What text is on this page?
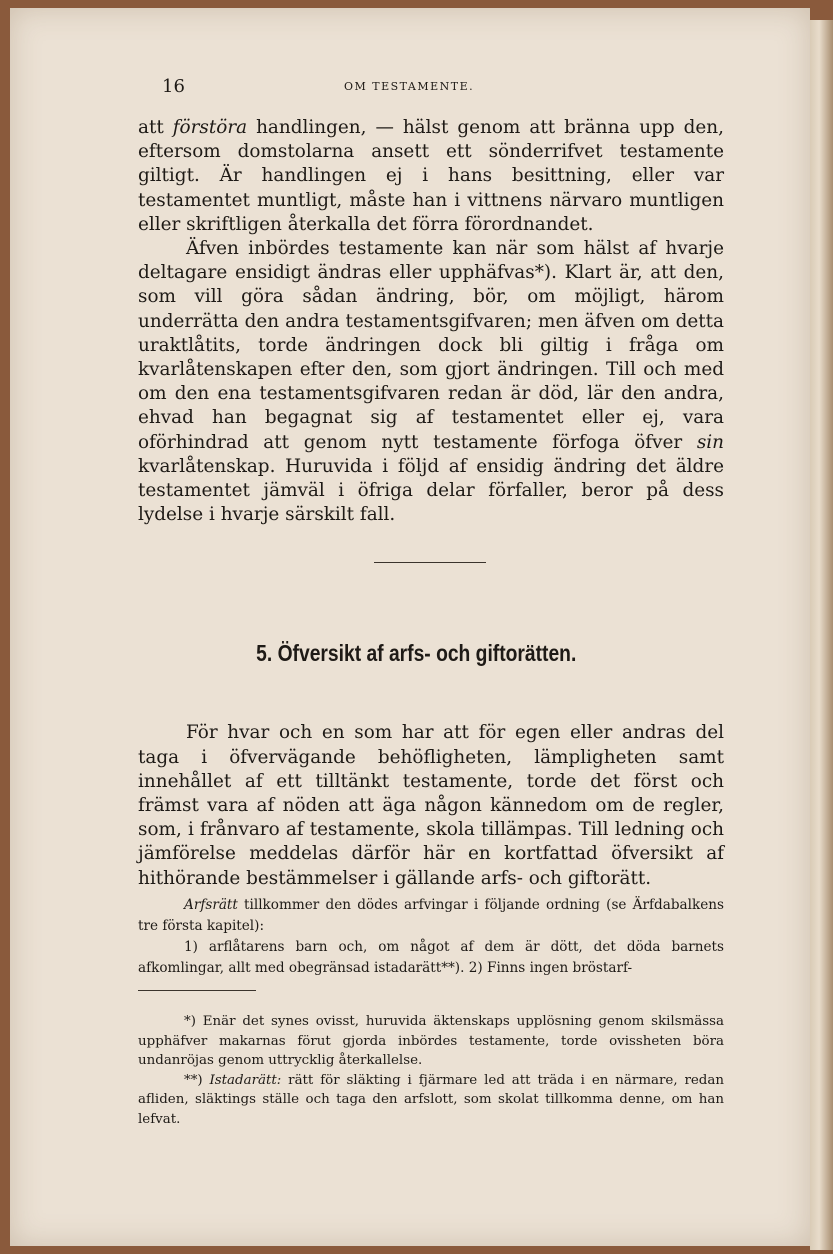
16	OM TESTAMENTE.

att förstöra handlingen, — hälst genom att bränna upp den, eftersom domstolarna ansett ett sönderrifvet testamente giltigt. Är handlingen ej i hans besittning, eller var testamentet muntligt, måste han i vittnens närvaro muntligen eller skriftligen återkalla det förra förordnandet.

Äfven inbördes testamente kan när som hälst af hvarje deltagare ensidigt ändras eller upphäfvas*). Klart är, att den, som vill göra sådan ändring, bör, om möjligt, härom underrätta den andra testamentsgifvaren; men äfven om detta uraktlåtits, torde ändringen dock bli giltig i fråga om kvarlåtenskapen efter den, som gjort ändringen. Till och med om den ena testamentsgifvaren redan är död, lär den andra, ehvad han begagnat sig af testamentet eller ej, vara oförhindrad att genom nytt testamente förfoga öfver sin kvarlåtenskap. Huruvida i följd af ensidig ändring det äldre testamentet jämväl i öfriga delar förfaller, beror på dess lydelse i hvarje särskilt fall.

5. Öfversikt af arfs- och giftorätten.

För hvar och en som har att för egen eller andras del taga i öfvervägande behöfligheten, lämpligheten samt innehållet af ett tilltänkt testamente, torde det först och främst vara af nöden att äga någon kännedom om de regler, som, i frånvaro af testamente, skola tillämpas. Till ledning och jämförelse meddelas därför här en kortfattad öfversikt af hithörande bestämmelser i gällande arfs- och giftorätt.

Arfsrätt tillkommer den dödes arfvingar i följande ordning (se Ärfdabalkens tre första kapitel):

1) arflåtarens barn och, om något af dem är dött, det döda barnets afkomlingar, allt med obegränsad istadarätt**). 2) Finns ingen bröstarf-

*) Enär det synes ovisst, huruvida äktenskaps upplösning genom skilsmässa upphäfver makarnas förut gjorda inbördes testamente, torde ovissheten böra undanröjas genom uttrycklig återkallelse.

**) Istadarätt: rätt för släkting i fjärmare led att träda i en närmare, redan afliden, släktings ställe och taga den arfslott, som skolat tillkomma denne, om han lefvat.
